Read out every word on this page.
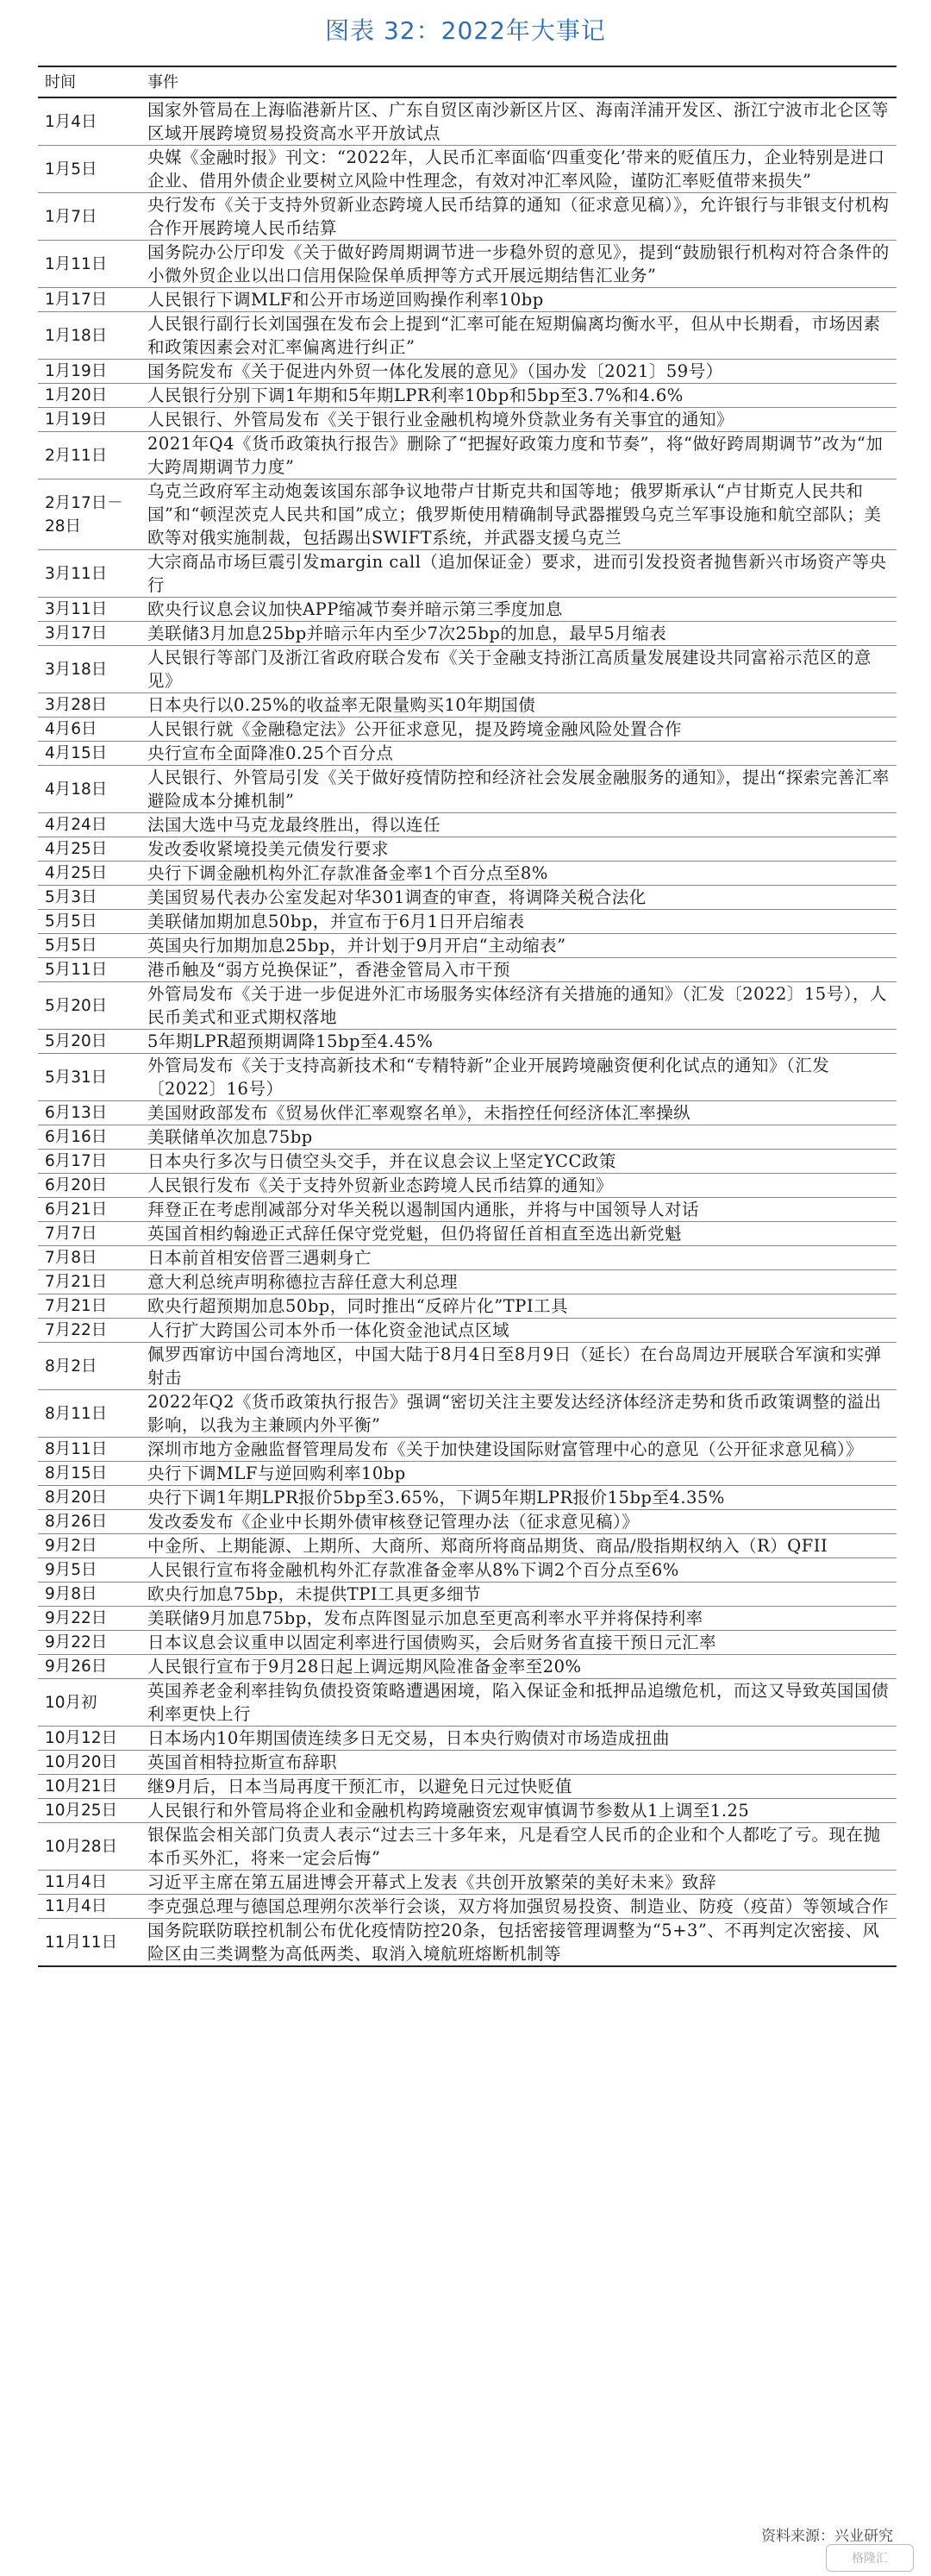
图表 32：2022年大事记
时间	事件
1月4日	国家外管局在上海临港新片区、广东自贸区南沙新区片区、海南洋浦开发区、浙江宁波市北仑区等区域开展跨境贸易投资高水平开放试点
1月5日	央媒《金融时报》刊文：“2022年，人民币汇率面临‘四重变化’带来的贬值压力，企业特别是进口企业、借用外债企业要树立风险中性理念，有效对冲汇率风险，谨防汇率贬值带来损失”
1月7日	央行发布《关于支持外贸新业态跨境人民币结算的通知（征求意见稿）》，允许银行与非银支付机构合作开展跨境人民币结算
1月11日	国务院办公厅印发《关于做好跨周期调节进一步稳外贸的意见》，提到“鼓励银行机构对符合条件的小微外贸企业以出口信用保险保单质押等方式开展远期结售汇业务”
1月17日	人民银行下调MLF和公开市场逆回购操作利率10bp
1月18日	人民银行副行长刘国强在发布会上提到“汇率可能在短期偏离均衡水平，但从中长期看，市场因素和政策因素会对汇率偏离进行纠正”
1月19日	国务院发布《关于促进内外贸一体化发展的意见》（国办发〔2021〕59号）
1月20日	人民银行分别下调1年期和5年期LPR利率10bp和5bp至3.7%和4.6%
1月19日	人民银行、外管局发布《关于银行业金融机构境外贷款业务有关事宜的通知》
2月11日	2021年Q4《货币政策执行报告》删除了“把握好政策力度和节奏”，将“做好跨周期调节”改为“加大跨周期调节力度”
2月17日－28日	乌克兰政府军主动炮轰该国东部争议地带卢甘斯克共和国等地；俄罗斯承认“卢甘斯克人民共和国”和“顿涅茨克人民共和国”成立；俄罗斯使用精确制导武器摧毁乌克兰军事设施和航空部队；美欧等对俄实施制裁，包括踢出SWIFT系统，并武器支援乌克兰
3月11日	大宗商品市场巨震引发margin call（追加保证金）要求，进而引发投资者抛售新兴市场资产等央行
3月11日	欧央行议息会议加快APP缩减节奏并暗示第三季度加息
3月17日	美联储3月加息25bp并暗示年内至少7次25bp的加息，最早5月缩表
3月18日	人民银行等部门及浙江省政府联合发布《关于金融支持浙江高质量发展建设共同富裕示范区的意见》
3月28日	日本央行以0.25%的收益率无限量购买10年期国债
4月6日	人民银行就《金融稳定法》公开征求意见，提及跨境金融风险处置合作
4月15日	央行宣布全面降准0.25个百分点
4月18日	人民银行、外管局引发《关于做好疫情防控和经济社会发展金融服务的通知》，提出“探索完善汇率避险成本分摊机制”
4月24日	法国大选中马克龙最终胜出，得以连任
4月25日	发改委收紧境投美元债发行要求
4月25日	央行下调金融机构外汇存款准备金率1个百分点至8%
5月3日	美国贸易代表办公室发起对华301调查的审查，将调降关税合法化
5月5日	美联储加期加息50bp，并宣布于6月1日开启缩表
5月5日	英国央行加期加息25bp，并计划于9月开启“主动缩表”
5月11日	港币触及“弱方兑换保证”，香港金管局入市干预
5月20日	外管局发布《关于进一步促进外汇市场服务实体经济有关措施的通知》（汇发〔2022〕15号），人民币美式和亚式期权落地
5月20日	5年期LPR超预期调降15bp至4.45%
5月31日	外管局发布《关于支持高新技术和“专精特新”企业开展跨境融资便利化试点的通知》（汇发〔2022〕16号）
6月13日	美国财政部发布《贸易伙伴汇率观察名单》，未指控任何经济体汇率操纵
6月16日	美联储单次加息75bp
6月17日	日本央行多次与日债空头交手，并在议息会议上坚定YCC政策
6月20日	人民银行发布《关于支持外贸新业态跨境人民币结算的通知》
6月21日	拜登正在考虑削减部分对华关税以遏制国内通胀，并将与中国领导人对话
7月7日	英国首相约翰逊正式辞任保守党党魁，但仍将留任首相直至选出新党魁
7月8日	日本前首相安倍晋三遇刺身亡
7月21日	意大利总统声明称德拉吉辞任意大利总理
7月21日	欧央行超预期加息50bp，同时推出“反碎片化”TPI工具
7月22日	人行扩大跨国公司本外币一体化资金池试点区域
8月2日	佩罗西窜访中国台湾地区，中国大陆于8月4日至8月9日（延长）在台岛周边开展联合军演和实弹射击
8月11日	2022年Q2《货币政策执行报告》强调“密切关注主要发达经济体经济走势和货币政策调整的溢出影响，以我为主兼顾内外平衡”
8月11日	深圳市地方金融监督管理局发布《关于加快建设国际财富管理中心的意见（公开征求意见稿）》
8月15日	央行下调MLF与逆回购利率10bp
8月20日	央行下调1年期LPR报价5bp至3.65%，下调5年期LPR报价15bp至4.35%
8月26日	发改委发布《企业中长期外债审核登记管理办法（征求意见稿）》
9月2日	中金所、上期能源、上期所、大商所、郑商所将商品期货、商品/股指期权纳入（R）QFII
9月5日	人民银行宣布将金融机构外汇存款准备金率从8%下调2个百分点至6%
9月8日	欧央行加息75bp，未提供TPI工具更多细节
9月22日	美联储9月加息75bp，发布点阵图显示加息至更高利率水平并将保持利率
9月22日	日本议息会议重申以固定利率进行国债购买，会后财务省直接干预日元汇率
9月26日	人民银行宣布于9月28日起上调远期风险准备金率至20%
10月初	英国养老金利率挂钩负债投资策略遭遇困境，陷入保证金和抵押品追缴危机，而这又导致英国国债利率更快上行
10月12日	日本场内10年期国债连续多日无交易，日本央行购债对市场造成扭曲
10月20日	英国首相特拉斯宣布辞职
10月21日	继9月后，日本当局再度干预汇市，以避免日元过快贬值
10月25日	人民银行和外管局将企业和金融机构跨境融资宏观审慎调节参数从1上调至1.25
10月28日	银保监会相关部门负责人表示“过去三十多年来，凡是看空人民币的企业和个人都吃了亏。现在抛本币买外汇，将来一定会后悔”
11月4日	习近平主席在第五届进博会开幕式上发表《共创开放繁荣的美好未来》致辞
11月4日	李克强总理与德国总理朔尔茨举行会谈，双方将加强贸易投资、制造业、防疫（疫苗）等领域合作
11月11日	国务院联防联控机制公布优化疫情防控20条，包括密接管理调整为“5+3”、不再判定次密接、风险区由三类调整为高低两类、取消入境航班熔断机制等
资料来源：兴业研究
格隆汇
